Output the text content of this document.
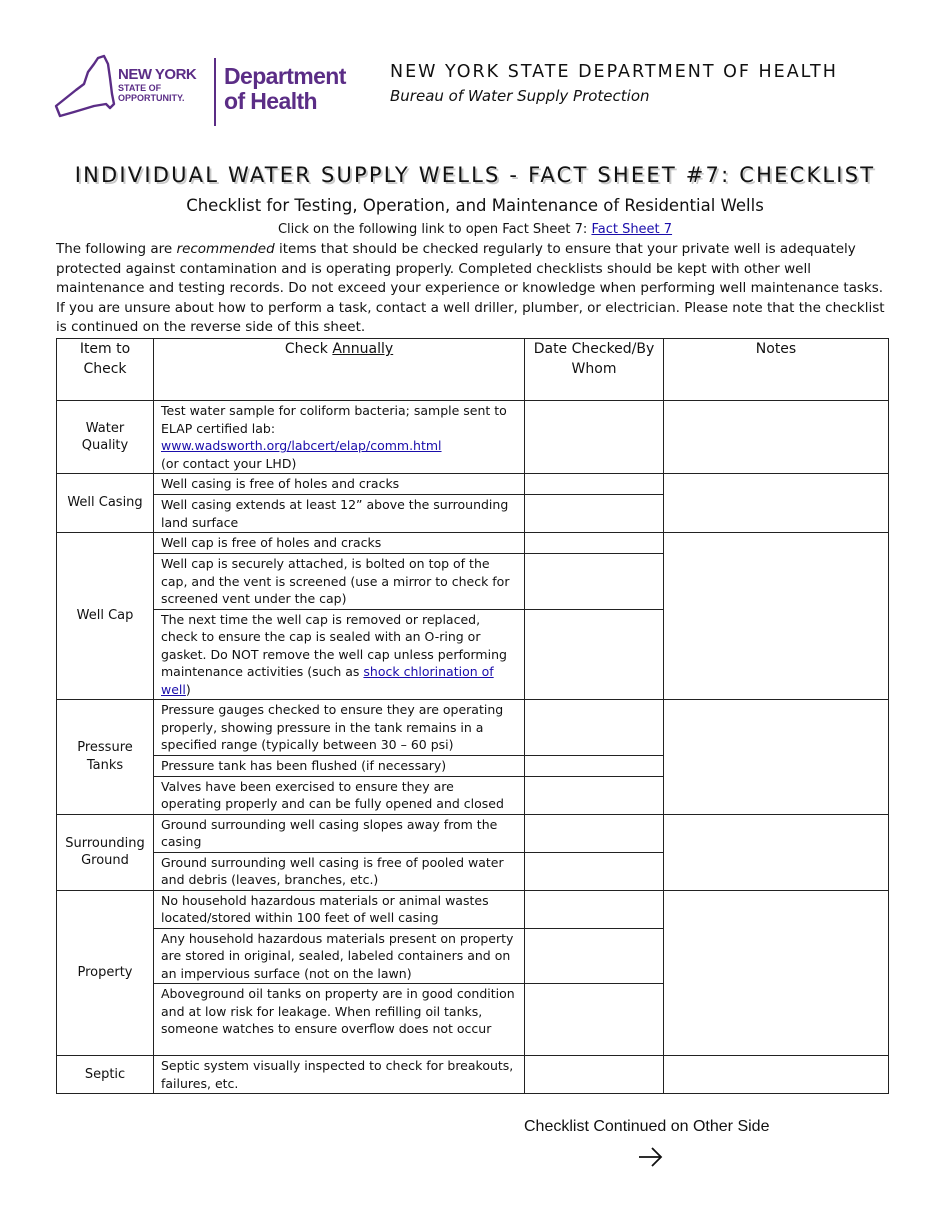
NEW YORK
STATE OF OPPORTUNITY.
Department
of Health
NEW YORK STATE DEPARTMENT OF HEALTH
Bureau of Water Supply Protection
INDIVIDUAL WATER SUPPLY WELLS - FACT SHEET #7: CHECKLIST
Checklist for Testing, Operation, and Maintenance of Residential Wells
Click on the following link to open Fact Sheet 7: Fact Sheet 7
The following are recommended items that should be checked regularly to ensure that your private well is adequately protected against contamination and is operating properly. Completed checklists should be kept with other well maintenance and testing records. Do not exceed your experience or knowledge when performing well maintenance tasks. If you are unsure about how to perform a task, contact a well driller, plumber, or electrician. Please note that the checklist is continued on the reverse side of this sheet.
Item to Check	Check Annually	Date Checked/By Whom	Notes
Water Quality	Test water sample for coliform bacteria; sample sent to ELAP certified lab:
www.wadsworth.org/labcert/elap/comm.html
(or contact your LHD)		
Well Casing	Well casing is free of holes and cracks		
	Well casing extends at least 12” above the surrounding land surface		
Well Cap	Well cap is free of holes and cracks		
	Well cap is securely attached, is bolted on top of the cap, and the vent is screened (use a mirror to check for screened vent under the cap)		
	The next time the well cap is removed or replaced, check to ensure the cap is sealed with an O-ring or gasket. Do NOT remove the well cap unless performing maintenance activities (such as shock chlorination of well)		
Pressure Tanks	Pressure gauges checked to ensure they are operating properly, showing pressure in the tank remains in a specified range (typically between 30 – 60 psi)		
	Pressure tank has been flushed (if necessary)		
	Valves have been exercised to ensure they are operating properly and can be fully opened and closed		
Surrounding Ground	Ground surrounding well casing slopes away from the casing		
	Ground surrounding well casing is free of pooled water and debris (leaves, branches, etc.)		
Property	No household hazardous materials or animal wastes located/stored within 100 feet of well casing		
	Any household hazardous materials present on property are stored in original, sealed, labeled containers and on an impervious surface (not on the lawn)		
	Aboveground oil tanks on property are in good condition and at low risk for leakage. When refilling oil tanks, someone watches to ensure overflow does not occur		
Septic	Septic system visually inspected to check for breakouts, failures, etc.		
Checklist Continued on Other Side
